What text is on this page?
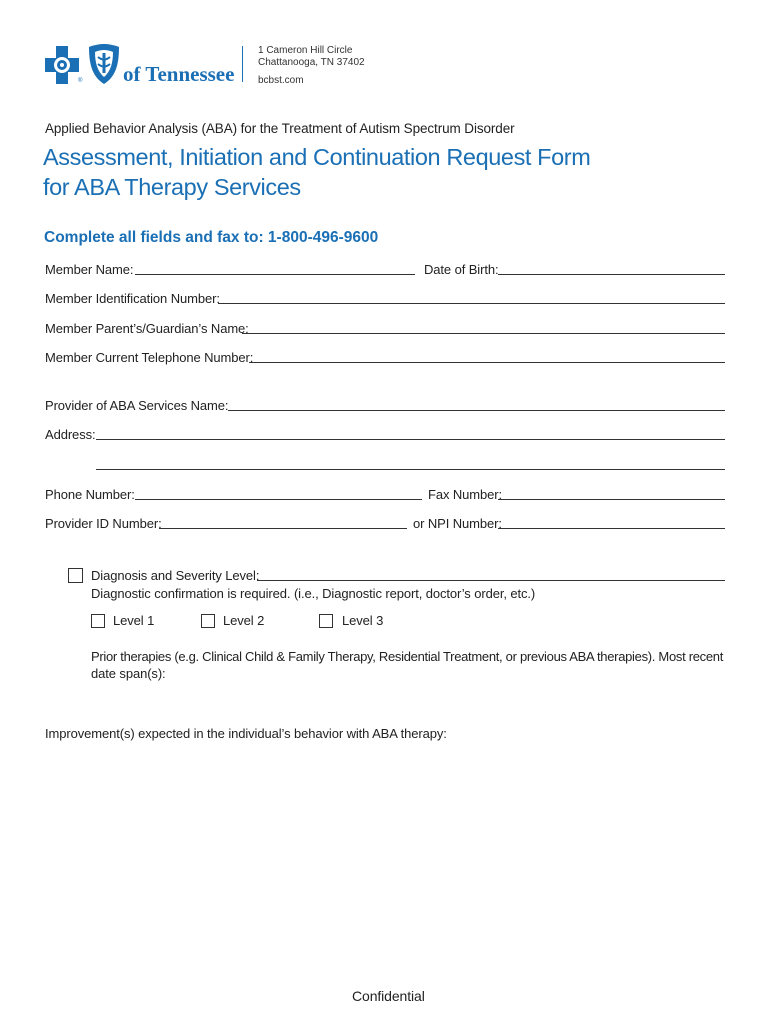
® of Tennessee
1 Cameron Hill Circle
Chattanooga, TN 37402
bcbst.com
Applied Behavior Analysis (ABA) for the Treatment of Autism Spectrum Disorder
Assessment, Initiation and Continuation Request Form
for ABA Therapy Services
Complete all fields and fax to: 1-800-496-9600
Member Name:	Date of Birth:
Member Identification Number:
Member Parent’s/Guardian’s Name:
Member Current Telephone Number:
Provider of ABA Services Name:
Address:
Phone Number:	Fax Number:
Provider ID Number:	or NPI Number:
Diagnosis and Severity Level:
Diagnostic confirmation is required. (i.e., Diagnostic report, doctor’s order, etc.)
Level 1	Level 2	Level 3
Prior therapies (e.g. Clinical Child & Family Therapy, Residential Treatment, or previous ABA therapies). Most recent
date span(s):
Improvement(s) expected in the individual’s behavior with ABA therapy:
Confidential
